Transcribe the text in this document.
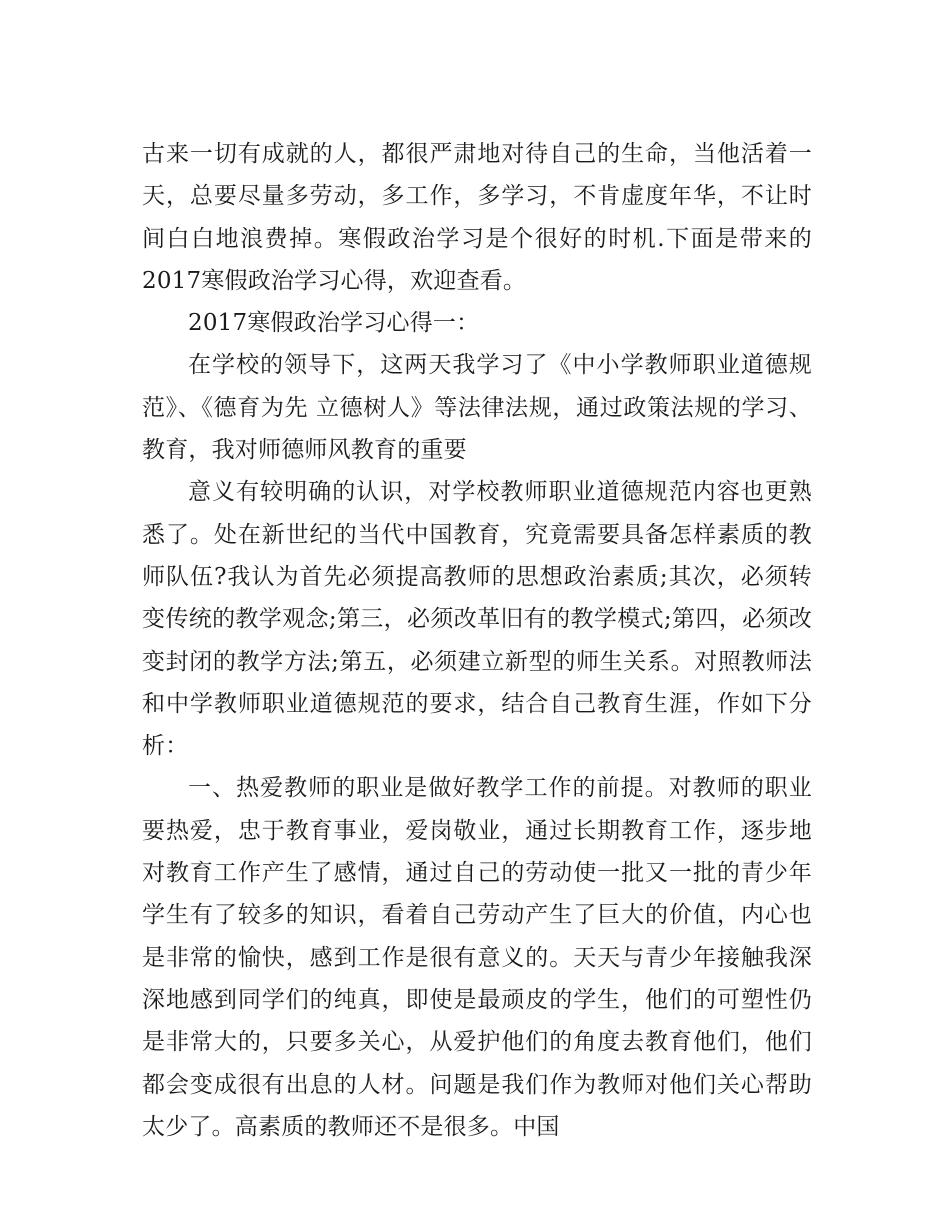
古来一切有成就的人，都很严肃地对待自己的生命，当他活着一天，总要尽量多劳动，多工作，多学习，不肯虚度年华，不让时间白白地浪费掉。寒假政治学习是个很好的时机.下面是带来的2017寒假政治学习心得，欢迎查看。

2017寒假政治学习心得一：

在学校的领导下，这两天我学习了《中小学教师职业道德规范》、《德育为先 立德树人》等法律法规，通过政策法规的学习、教育，我对师德师风教育的重要

意义有较明确的认识，对学校教师职业道德规范内容也更熟悉了。处在新世纪的当代中国教育，究竟需要具备怎样素质的教师队伍?我认为首先必须提高教师的思想政治素质;其次，必须转变传统的教学观念;第三，必须改革旧有的教学模式;第四，必须改变封闭的教学方法;第五，必须建立新型的师生关系。对照教师法和中学教师职业道德规范的要求，结合自己教育生涯，作如下分析：

一、热爱教师的职业是做好教学工作的前提。对教师的职业要热爱，忠于教育事业，爱岗敬业，通过长期教育工作，逐步地对教育工作产生了感情，通过自己的劳动使一批又一批的青少年学生有了较多的知识，看着自己劳动产生了巨大的价值，内心也是非常的愉快，感到工作是很有意义的。天天与青少年接触我深深地感到同学们的纯真，即使是最顽皮的学生，他们的可塑性仍是非常大的，只要多关心，从爱护他们的角度去教育他们，他们都会变成很有出息的人材。问题是我们作为教师对他们关心帮助太少了。高素质的教师还不是很多。中国
